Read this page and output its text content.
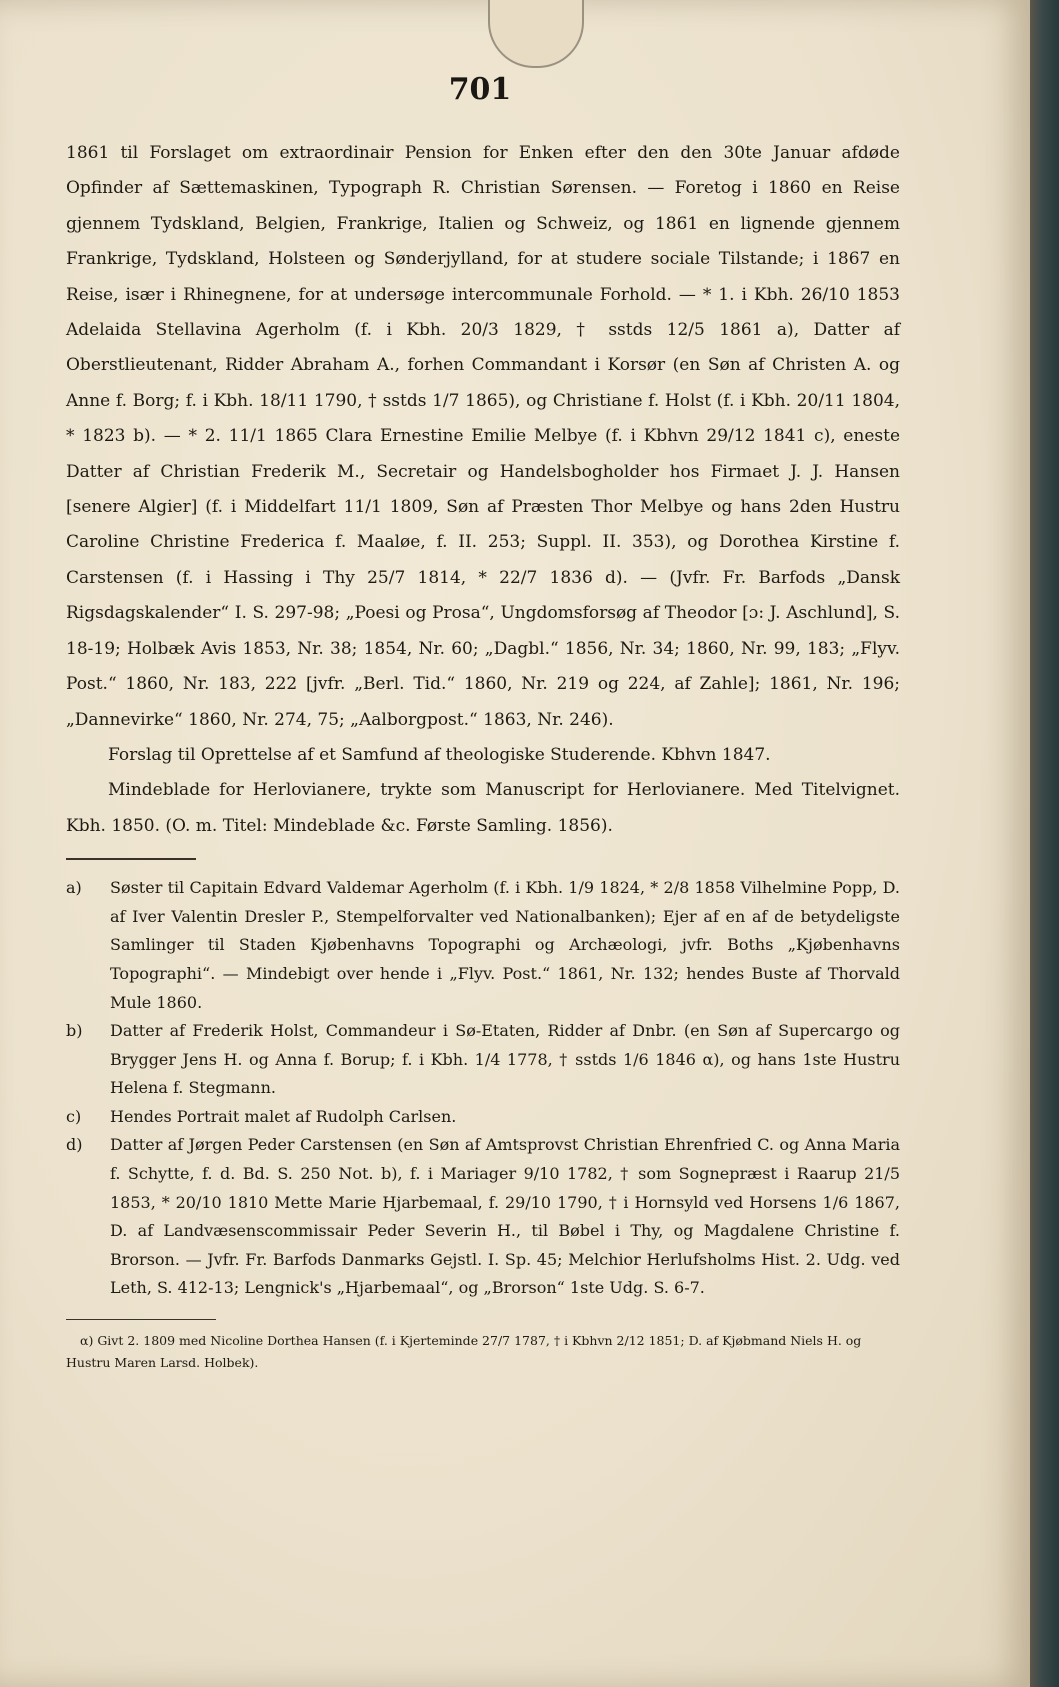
701

1861 til Forslaget om extraordinair Pension for Enken efter den den 30te Januar afdøde Opfinder af Sættemaskinen, Typograph R. Christian Sørensen. — Foretog i 1860 en Reise gjennem Tydskland, Belgien, Frankrige, Italien og Schweiz, og 1861 en lignende gjennem Frankrige, Tydskland, Holsteen og Sønderjylland, for at studere sociale Tilstande; i 1867 en Reise, især i Rhinegnene, for at undersøge intercommunale Forhold. — * 1. i Kbh. 26/10 1853 Adelaida Stellavina Agerholm (f. i Kbh. 20/3 1829, † sstds 12/5 1861 a), Datter af Oberstlieutenant, Ridder Abraham A., forhen Commandant i Korsør (en Søn af Christen A. og Anne f. Borg; f. i Kbh. 18/11 1790, † sstds 1/7 1865), og Christiane f. Holst (f. i Kbh. 20/11 1804, * 1823 b). — * 2. 11/1 1865 Clara Ernestine Emilie Melbye (f. i Kbhvn 29/12 1841 c), eneste Datter af Christian Frederik M., Secretair og Handelsbogholder hos Firmaet J. J. Hansen [senere Algier] (f. i Middelfart 11/1 1809, Søn af Præsten Thor Melbye og hans 2den Hustru Caroline Christine Frederica f. Maaløe, f. II. 253; Suppl. II. 353), og Dorothea Kirstine f. Carstensen (f. i Hassing i Thy 25/7 1814, * 22/7 1836 d). — (Jvfr. Fr. Barfods „Dansk Rigsdagskalender“ I. S. 297-98; „Poesi og Prosa“, Ungdomsforsøg af Theodor [ɔ: J. Aschlund], S. 18-19; Holbæk Avis 1853, Nr. 38; 1854, Nr. 60; „Dagbl.“ 1856, Nr. 34; 1860, Nr. 99, 183; „Flyv. Post.“ 1860, Nr. 183, 222 [jvfr. „Berl. Tid.“ 1860, Nr. 219 og 224, af Zahle]; 1861, Nr. 196; „Dannevirke“ 1860, Nr. 274, 75; „Aalborgpost.“ 1863, Nr. 246).

Forslag til Oprettelse af et Samfund af theologiske Studerende. Kbhvn 1847.

Mindeblade for Herlovianere, trykte som Manuscript for Herlovianere. Med Titelvignet. Kbh. 1850. (O. m. Titel: Mindeblade &c. Første Samling. 1856).

a)	Søster til Capitain Edvard Valdemar Agerholm (f. i Kbh. 1/9 1824, * 2/8 1858 Vilhelmine Popp, D. af Iver Valentin Dresler P., Stempelforvalter ved Nationalbanken); Ejer af en af de betydeligste Samlinger til Staden Kjøbenhavns Topographi og Archæologi, jvfr. Boths „Kjøbenhavns Topographi“. — Mindebigt over hende i „Flyv. Post.“ 1861, Nr. 132; hendes Buste af Thorvald Mule 1860.
b)	Datter af Frederik Holst, Commandeur i Sø-Etaten, Ridder af Dnbr. (en Søn af Supercargo og Brygger Jens H. og Anna f. Borup; f. i Kbh. 1/4 1778, † sstds 1/6 1846 α), og hans 1ste Hustru Helena f. Stegmann.
c)	Hendes Portrait malet af Rudolph Carlsen.
d)	Datter af Jørgen Peder Carstensen (en Søn af Amtsprovst Christian Ehrenfried C. og Anna Maria f. Schytte, f. d. Bd. S. 250 Not. b), f. i Mariager 9/10 1782, † som Sognepræst i Raarup 21/5 1853, * 20/10 1810 Mette Marie Hjarbemaal, f. 29/10 1790, † i Hornsyld ved Horsens 1/6 1867, D. af Landvæsenscommissair Peder Severin H., til Bøbel i Thy, og Magdalene Christine f. Brorson. — Jvfr. Fr. Barfods Danmarks Gejstl. I. Sp. 45; Melchior Herlufsholms Hist. 2. Udg. ved Leth, S. 412-13; Lengnick's „Hjarbemaal“, og „Brorson“ 1ste Udg. S. 6-7.

α) Givt 2. 1809 med Nicoline Dorthea Hansen (f. i Kjerteminde 27/7 1787, † i Kbhvn 2/12 1851; D. af Kjøbmand Niels H. og Hustru Maren Larsd. Holbek).
